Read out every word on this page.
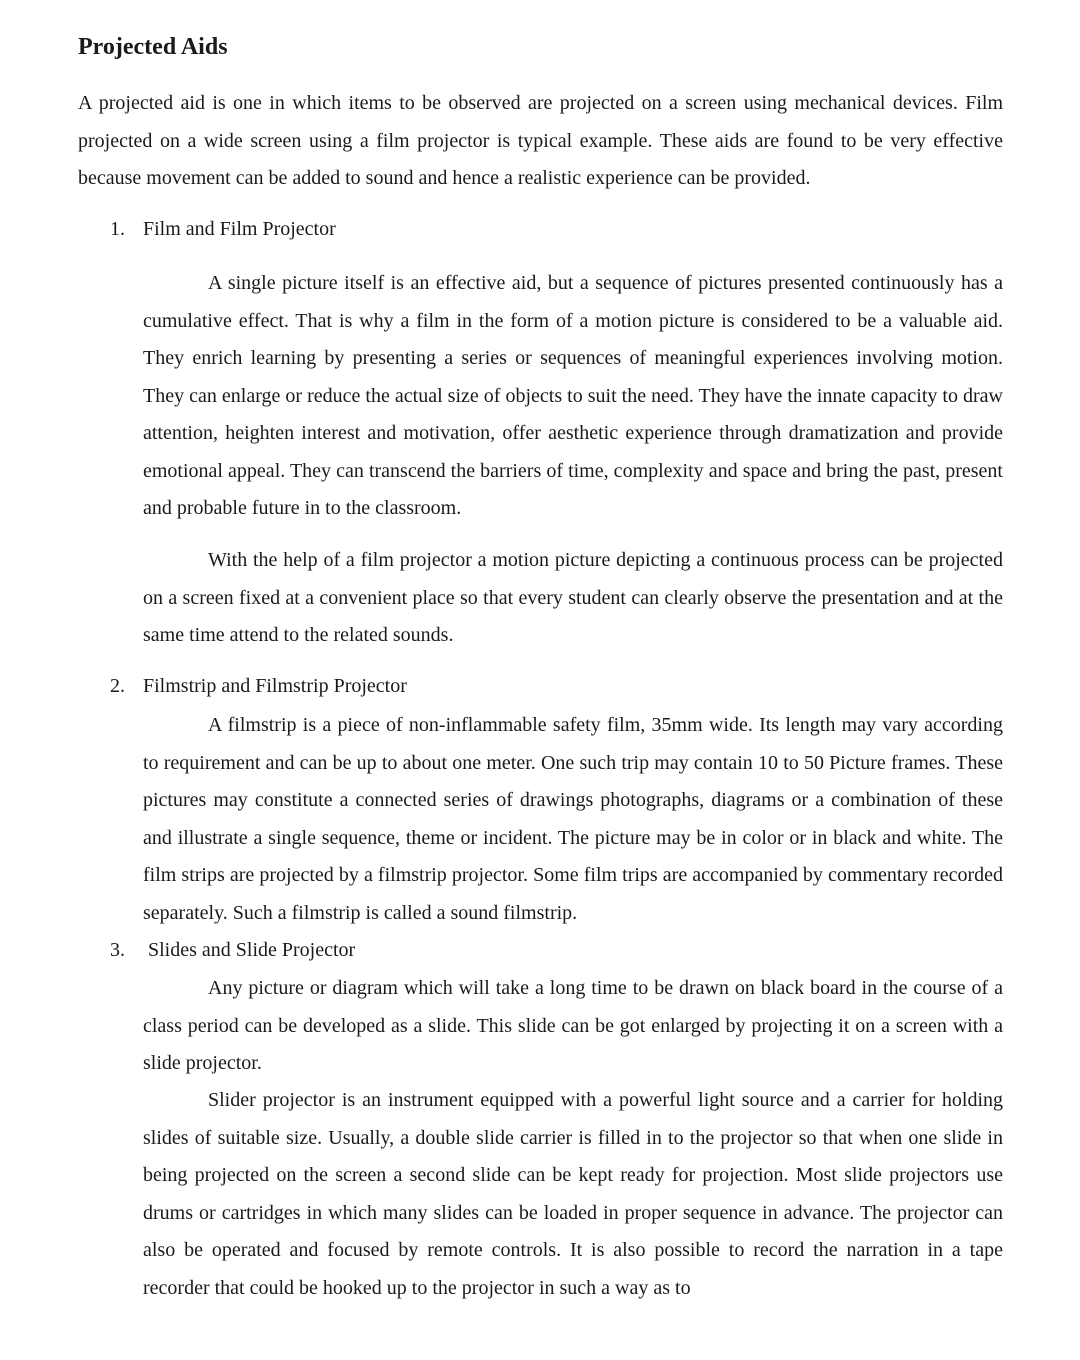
Projected Aids

A projected aid is one in which items to be observed are projected on a screen using mechanical devices. Film projected on a wide screen using a film projector is typical example. These aids are found to be very effective because movement can be added to sound and hence a realistic experience can be provided.

1. Film and Film Projector

A single picture itself is an effective aid, but a sequence of pictures presented continuously has a cumulative effect. That is why a film in the form of a motion picture is considered to be a valuable aid. They enrich learning by presenting a series or sequences of meaningful experiences involving motion. They can enlarge or reduce the actual size of objects to suit the need. They have the innate capacity to draw attention, heighten interest and motivation, offer aesthetic experience through dramatization and provide emotional appeal. They can transcend the barriers of time, complexity and space and bring the past, present and probable future in to the classroom.

With the help of a film projector a motion picture depicting a continuous process can be projected on a screen fixed at a convenient place so that every student can clearly observe the presentation and at the same time attend to the related sounds.

2. Filmstrip and Filmstrip Projector

A filmstrip is a piece of non-inflammable safety film, 35mm wide. Its length may vary according to requirement and can be up to about one meter. One such trip may contain 10 to 50 Picture frames. These pictures may constitute a connected series of drawings photographs, diagrams or a combination of these and illustrate a single sequence, theme or incident. The picture may be in color or in black and white. The film strips are projected by a filmstrip projector. Some film trips are accompanied by commentary recorded separately. Such a filmstrip is called a sound filmstrip.

3. Slides and Slide Projector

Any picture or diagram which will take a long time to be drawn on black board in the course of a class period can be developed as a slide. This slide can be got enlarged by projecting it on a screen with a slide projector.

Slider projector is an instrument equipped with a powerful light source and a carrier for holding slides of suitable size. Usually, a double slide carrier is filled in to the projector so that when one slide in being projected on the screen a second slide can be kept ready for projection. Most slide projectors use drums or cartridges in which many slides can be loaded in proper sequence in advance. The projector can also be operated and focused by remote controls. It is also possible to record the narration in a tape recorder that could be hooked up to the projector in such a way as to
